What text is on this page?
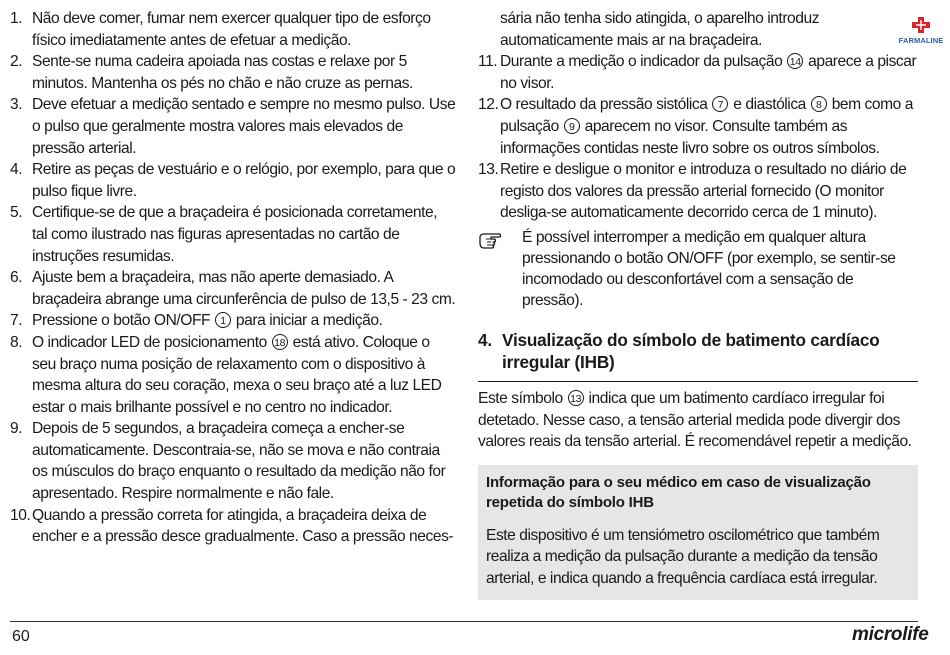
1. Não deve comer, fumar nem exercer qualquer tipo de esforço físico imediatamente antes de efetuar a medição.

2. Sente-se numa cadeira apoiada nas costas e relaxe por 5 minutos. Mantenha os pés no chão e não cruze as pernas.

3. Deve efetuar a medição sentado e sempre no mesmo pulso. Use o pulso que geralmente mostra valores mais elevados de pressão arterial.

4. Retire as peças de vestuário e o relógio, por exemplo, para que o pulso fique livre.

5. Certifique-se de que a braçadeira é posicionada corretamente, tal como ilustrado nas figuras apresentadas no cartão de instruções resumidas.

6. Ajuste bem a braçadeira, mas não aperte demasiado. A braçadeira abrange uma circunferência de pulso de 13,5 - 23 cm.

7. Pressione o botão ON/OFF 1 para iniciar a medição.

8. O indicador LED de posicionamento 18 está ativo. Coloque o seu braço numa posição de relaxamento com o dispositivo à mesma altura do seu coração, mexa o seu braço até a luz LED estar o mais brilhante possível e no centro no indicador.

9. Depois de 5 segundos, a braçadeira começa a encher-se automaticamente. Descontraia-se, não se mova e não contraia os músculos do braço enquanto o resultado da medição não for apresentado. Respire normalmente e não fale.

10. Quando a pressão correta for atingida, a braçadeira deixa de encher e a pressão desce gradualmente. Caso a pressão neces-

sária não tenha sido atingida, o aparelho introduz automaticamente mais ar na braçadeira.

11. Durante a medição o indicador da pulsação 14 aparece a piscar no visor.

12. O resultado da pressão sistólica 7 e diastólica 8 bem como a pulsação 9 aparecem no visor. Consulte também as informações contidas neste livro sobre os outros símbolos.

13. Retire e desligue o monitor e introduza o resultado no diário de registo dos valores da pressão arterial fornecido (O monitor desliga-se automaticamente decorrido cerca de 1 minuto).

É possível interromper a medição em qualquer altura pressionando o botão ON/OFF (por exemplo, se sentir-se incomodado ou desconfortável com a sensação de pressão).
4. Visualização do símbolo de batimento cardíaco irregular (IHB)

Este símbolo 13 indica que um batimento cardíaco irregular foi detetado. Nesse caso, a tensão arterial medida pode divergir dos valores reais da tensão arterial. É recomendável repetir a medição.

Informação para o seu médico em caso de visualização repetida do símbolo IHB
Este dispositivo é um tensiómetro oscilométrico que também realiza a medição da pulsação durante a medição da tensão arterial, e indica quando a frequência cardíaca está irregular.
FARMALINE
60	microlife
